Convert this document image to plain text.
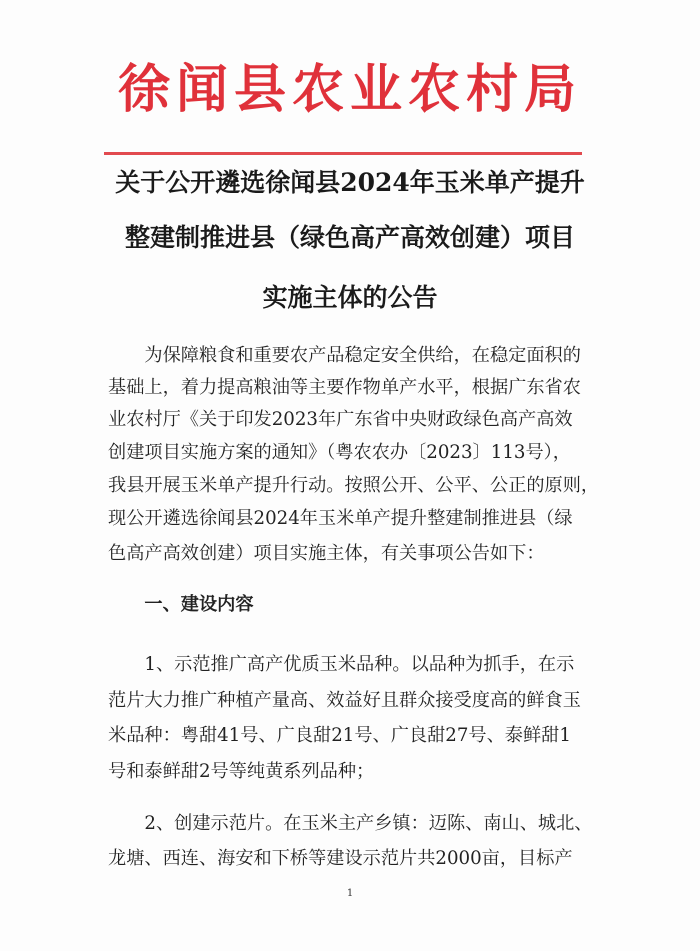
徐闻县农业农村局
关于公开遴选徐闻县2024年玉米单产提升
整建制推进县（绿色高产高效创建）项目
实施主体的公告
　　为保障粮食和重要农产品稳定安全供给，在稳定面积的
基础上，着力提高粮油等主要作物单产水平，根据广东省农
业农村厅《关于印发2023年广东省中央财政绿色高产高效
创建项目实施方案的通知》（粤农农办〔2023〕113号），
我县开展玉米单产提升行动。按照公开、公平、公正的原则，
现公开遴选徐闻县2024年玉米单产提升整建制推进县（绿
色高产高效创建）项目实施主体，有关事项公告如下：
　　一、建设内容
　　1、示范推广高产优质玉米品种。以品种为抓手，在示
范片大力推广种植产量高、效益好且群众接受度高的鲜食玉
米品种：粤甜41号、广良甜21号、广良甜27号、泰鲜甜1
号和泰鲜甜2号等纯黄系列品种；
　　2、创建示范片。在玉米主产乡镇：迈陈、南山、城北、
龙塘、西连、海安和下桥等建设示范片共2000亩，目标产
1
